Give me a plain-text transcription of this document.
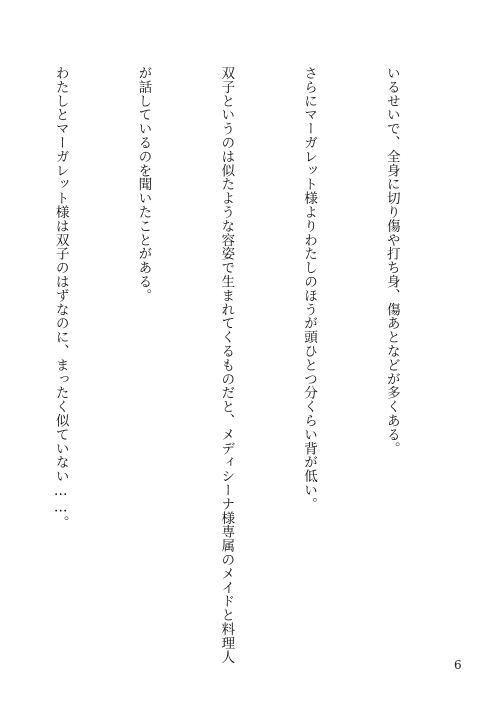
いるせいで、全身に切り傷や打ち身、傷あとなどが多くある。

さらにマーガレット様よりわたしのほうが頭ひとつ分くらい背が低い。

双子というのは似たような容姿で生まれてくるものだと、メディシーナ様専属のメイドと料理人

が話しているのを聞いたことがある。

わたしとマーガレット様は双子のはずなのに、まったく似ていない……。

6
